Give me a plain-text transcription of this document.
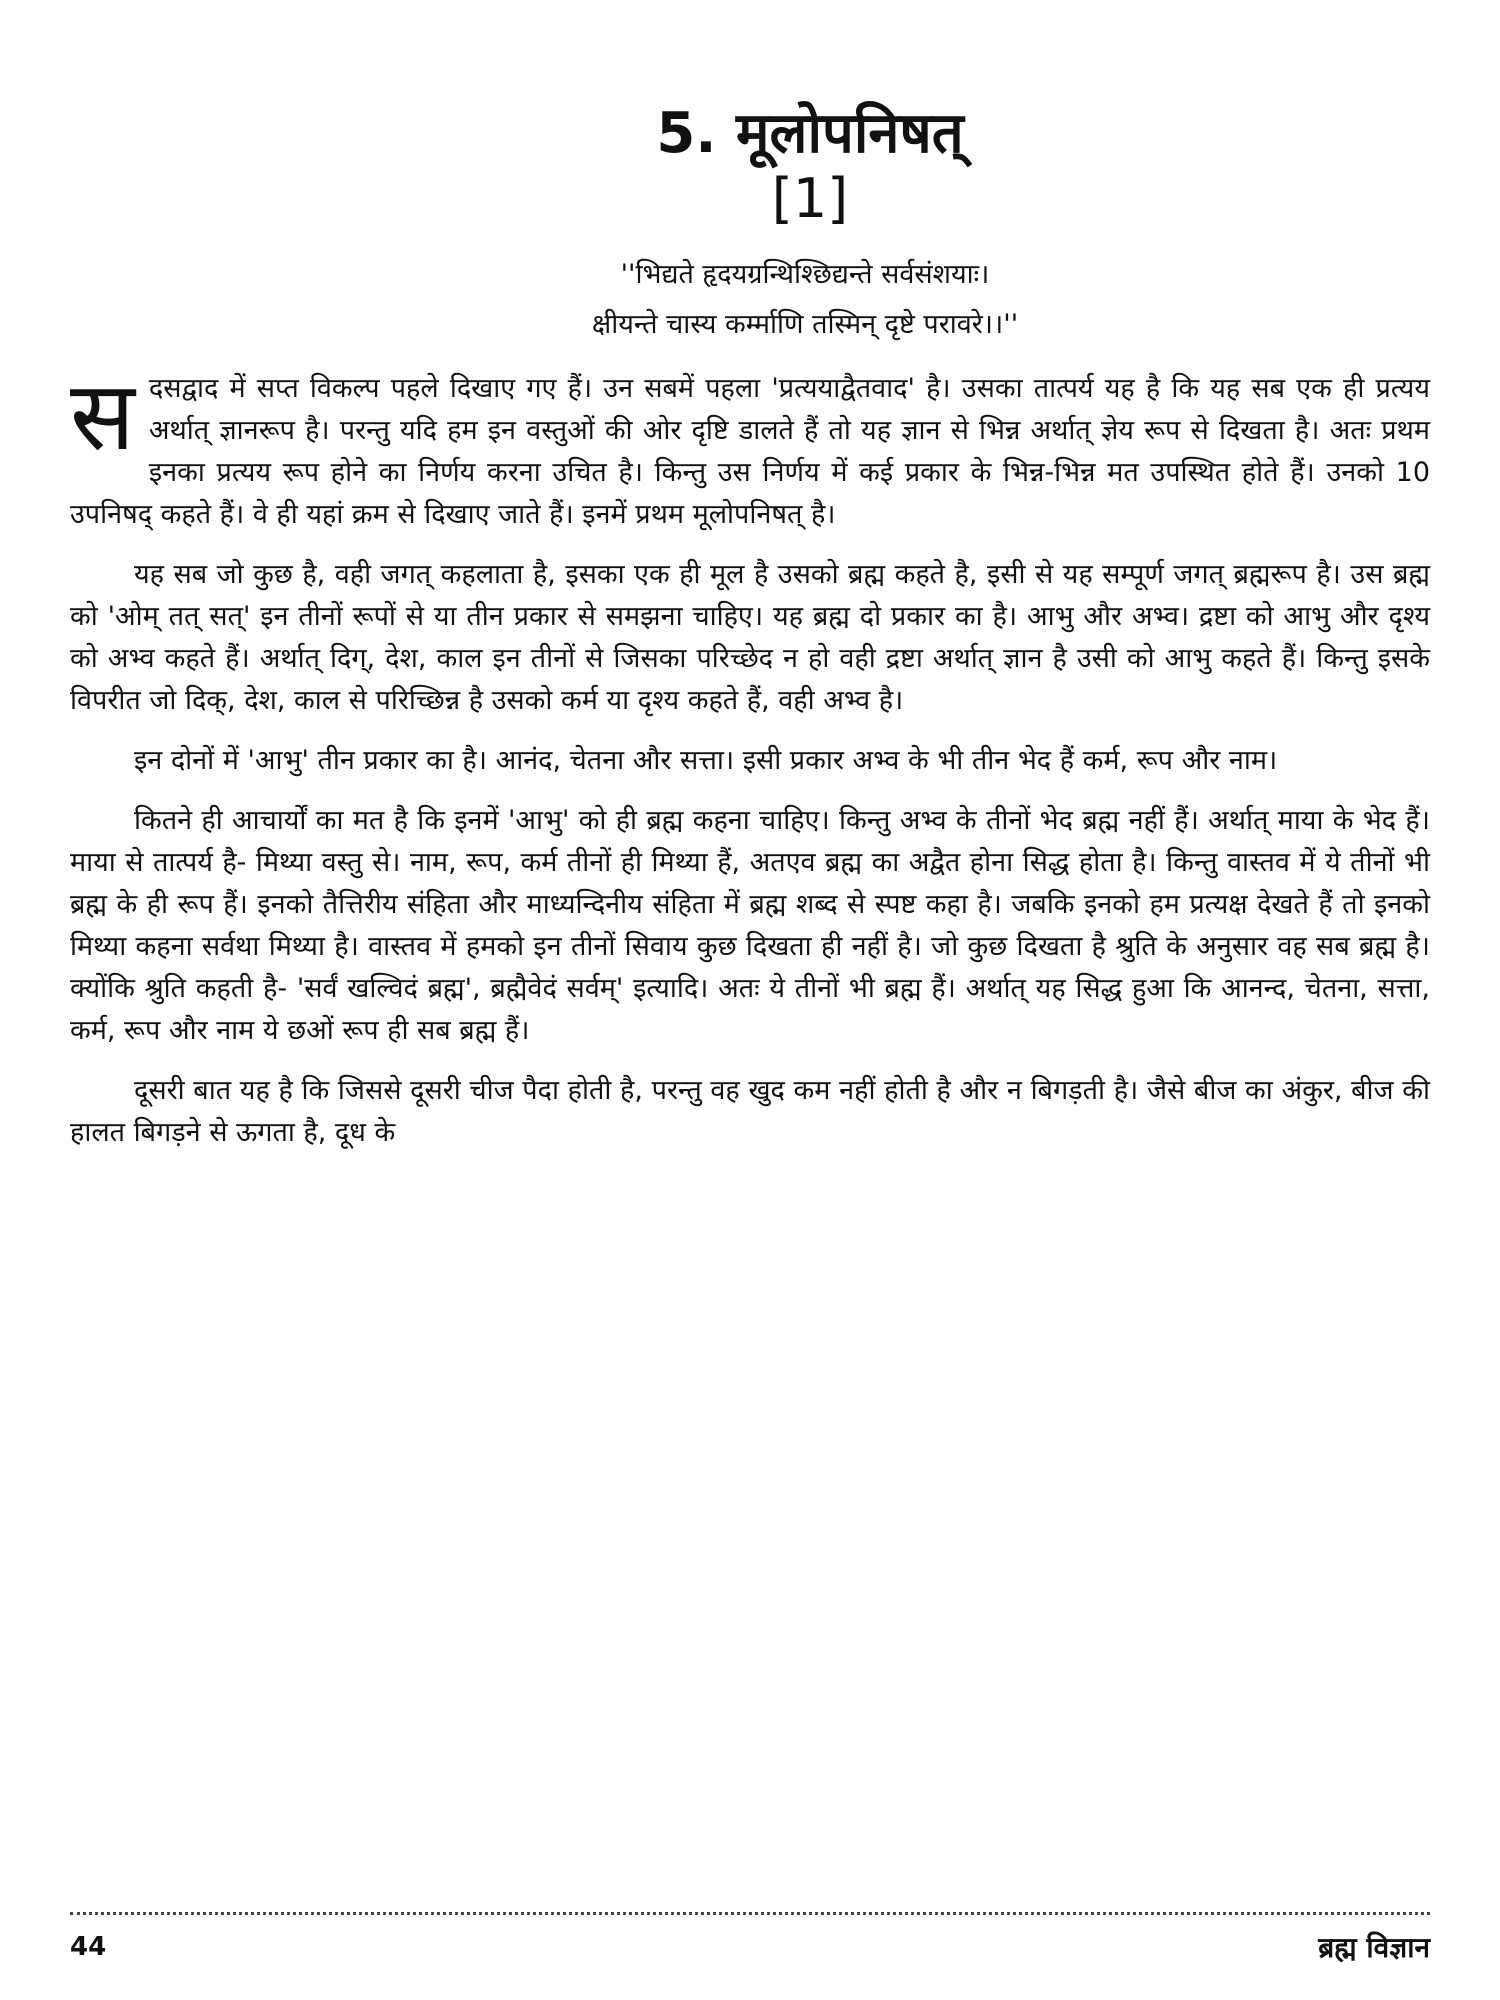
5. मूलोपनिषत्
[1]
''भिद्यते हृदयग्रन्थिश्छिद्यन्ते सर्वसंशयाः।
क्षीयन्ते चास्य कर्म्माणि तस्मिन् दृष्टे परावरे।।''

सदसद्वाद में सप्त विकल्प पहले दिखाए गए हैं। उन सबमें पहला 'प्रत्ययाद्वैतवाद' है। उसका तात्पर्य यह है कि यह सब एक ही प्रत्यय अर्थात् ज्ञानरूप है। परन्तु यदि हम इन वस्तुओं की ओर दृष्टि डालते हैं तो यह ज्ञान से भिन्न अर्थात् ज्ञेय रूप से दिखता है। अतः प्रथम इनका प्रत्यय रूप होने का निर्णय करना उचित है। किन्तु उस निर्णय में कई प्रकार के भिन्न-भिन्न मत उपस्थित होते हैं। उनको 10 उपनिषद् कहते हैं। वे ही यहां क्रम से दिखाए जाते हैं। इनमें प्रथम मूलोपनिषत् है।

यह सब जो कुछ है, वही जगत् कहलाता है, इसका एक ही मूल है उसको ब्रह्म कहते है, इसी से यह सम्पूर्ण जगत् ब्रह्मरूप है। उस ब्रह्म को 'ओम् तत् सत्' इन तीनों रूपों से या तीन प्रकार से समझना चाहिए। यह ब्रह्म दो प्रकार का है। आभु और अभ्व। द्रष्टा को आभु और दृश्य को अभ्व कहते हैं। अर्थात् दिग्, देश, काल इन तीनों से जिसका परिच्छेद न हो वही द्रष्टा अर्थात् ज्ञान है उसी को आभु कहते हैं। किन्तु इसके विपरीत जो दिक्, देश, काल से परिच्छिन्न है उसको कर्म या दृश्य कहते हैं, वही अभ्व है।

इन दोनों में 'आभु' तीन प्रकार का है। आनंद, चेतना और सत्ता। इसी प्रकार अभ्व के भी तीन भेद हैं कर्म, रूप और नाम।

कितने ही आचार्यों का मत है कि इनमें 'आभु' को ही ब्रह्म कहना चाहिए। किन्तु अभ्व के तीनों भेद ब्रह्म नहीं हैं। अर्थात् माया के भेद हैं। माया से तात्पर्य है- मिथ्या वस्तु से। नाम, रूप, कर्म तीनों ही मिथ्या हैं, अतएव ब्रह्म का अद्वैत होना सिद्ध होता है। किन्तु वास्तव में ये तीनों भी ब्रह्म के ही रूप हैं। इनको तैत्तिरीय संहिता और माध्यन्दिनीय संहिता में ब्रह्म शब्द से स्पष्ट कहा है। जबकि इनको हम प्रत्यक्ष देखते हैं तो इनको मिथ्या कहना सर्वथा मिथ्या है। वास्तव में हमको इन तीनों सिवाय कुछ दिखता ही नहीं है। जो कुछ दिखता है श्रुति के अनुसार वह सब ब्रह्म है। क्योंकि श्रुति कहती है- 'सर्वं खल्विदं ब्रह्म', ब्रह्मैवेदं सर्वम्' इत्यादि। अतः ये तीनों भी ब्रह्म हैं। अर्थात् यह सिद्ध हुआ कि आनन्द, चेतना, सत्ता, कर्म, रूप और नाम ये छओं रूप ही सब ब्रह्म हैं।

दूसरी बात यह है कि जिससे दूसरी चीज पैदा होती है, परन्तु वह खुद कम नहीं होती है और न बिगड़ती है। जैसे बीज का अंकुर, बीज की हालत बिगड़ने से ऊगता है, दूध के

44	ब्रह्म विज्ञान
